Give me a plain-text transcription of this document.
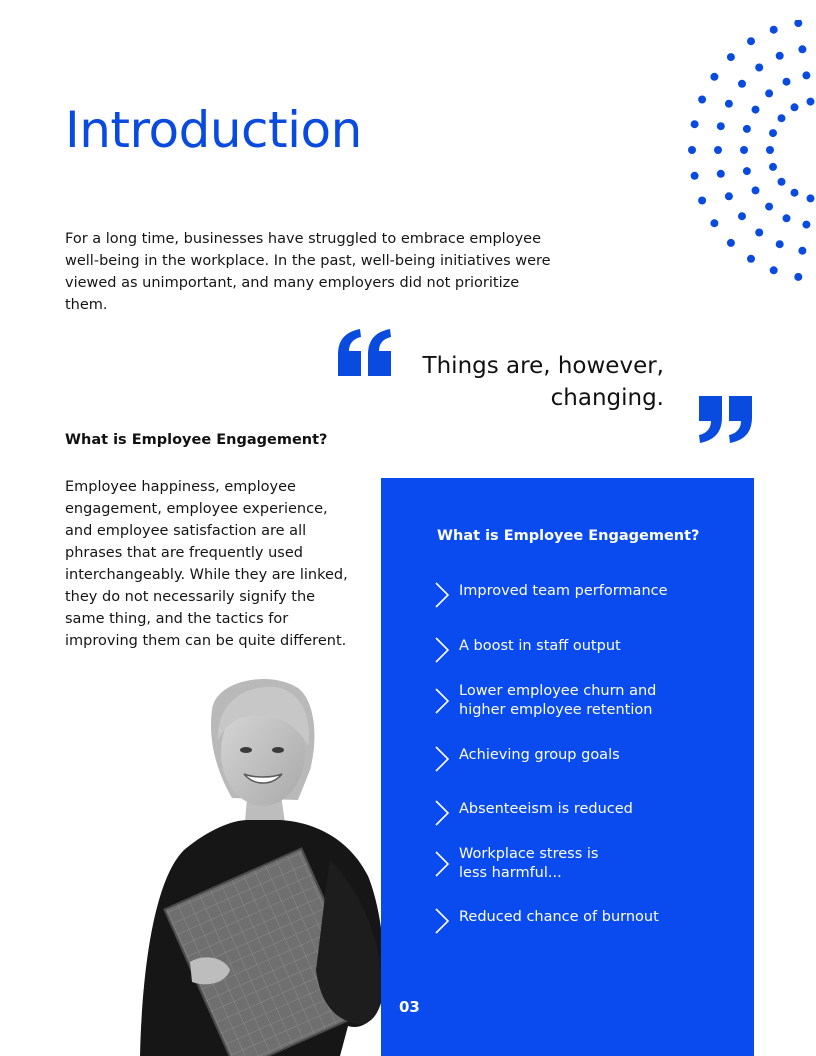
Introduction

For a long time, businesses have struggled to embrace employee well-being in the workplace. In the past, well-being initiatives were viewed as unimportant, and many employers did not prioritize them.

Things are, however, changing.

What is Employee Engagement?

Employee happiness, employee engagement, employee experience, and employee satisfaction are all phrases that are frequently used interchangeably. While they are linked, they do not necessarily signify the same thing, and the tactics for improving them can be quite different.

What is Employee Engagement?
Improved team performance
A boost in staff output
Lower employee churn and higher employee retention
Achieving group goals
Absenteeism is reduced
Workplace stress is less harmful...
Reduced chance of burnout

03
